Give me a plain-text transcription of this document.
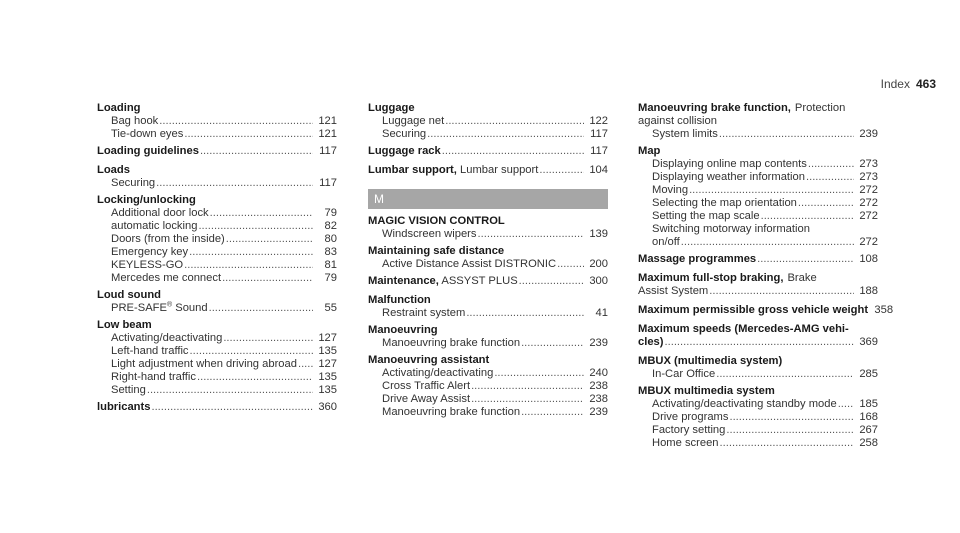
Index 463
Loading
Bag hook .....	121
Tie-down eyes .....	121
Loading guidelines .....	117
Loads
Securing .....	117
Locking/unlocking
Additional door lock .....	79
automatic locking .....	82
Doors (from the inside) .....	80
Emergency key .....	83
KEYLESS-GO .....	81
Mercedes me connect .....	79
Loud sound
PRE-SAFE® Sound .....	55
Low beam
Activating/deactivating .....	127
Left-hand traffic .....	135
Light adjustment when driving abroad ..... 127
Right-hand traffic .....	135
Setting .....	135
lubricants .....	360
Luggage
Luggage net .....	122
Securing .....	117
Luggage rack .....	117
Lumbar support, Lumbar support .....	104
M
MAGIC VISION CONTROL
Windscreen wipers .....	139
Maintaining safe distance
Active Distance Assist DISTRONIC .....	200
Maintenance, ASSYST PLUS .....	300
Malfunction
Restraint system .....	41
Manoeuvring
Manoeuvring brake function .....	239
Manoeuvring assistant
Activating/deactivating .....	240
Cross Traffic Alert .....	238
Drive Away Assist .....	238
Manoeuvring brake function .....	239
Manoeuvring brake function, Protection
against collision
System limits .....	239
Map
Displaying online map contents .....	273
Displaying weather information .....	273
Moving .....	272
Selecting the map orientation .....	272
Setting the map scale .....	272
Switching motorway information
on/off .....	272
Massage programmes .....	108
Maximum full-stop braking, Brake
Assist System .....	188
Maximum permissible gross vehicle weight 358
Maximum speeds (Mercedes-AMG vehi-
cles) .....	369
MBUX (multimedia system)
In-Car Office .....	285
MBUX multimedia system
Activating/deactivating standby mode ..... 185
Drive programs .....	168
Factory setting .....	267
Home screen .....	258
